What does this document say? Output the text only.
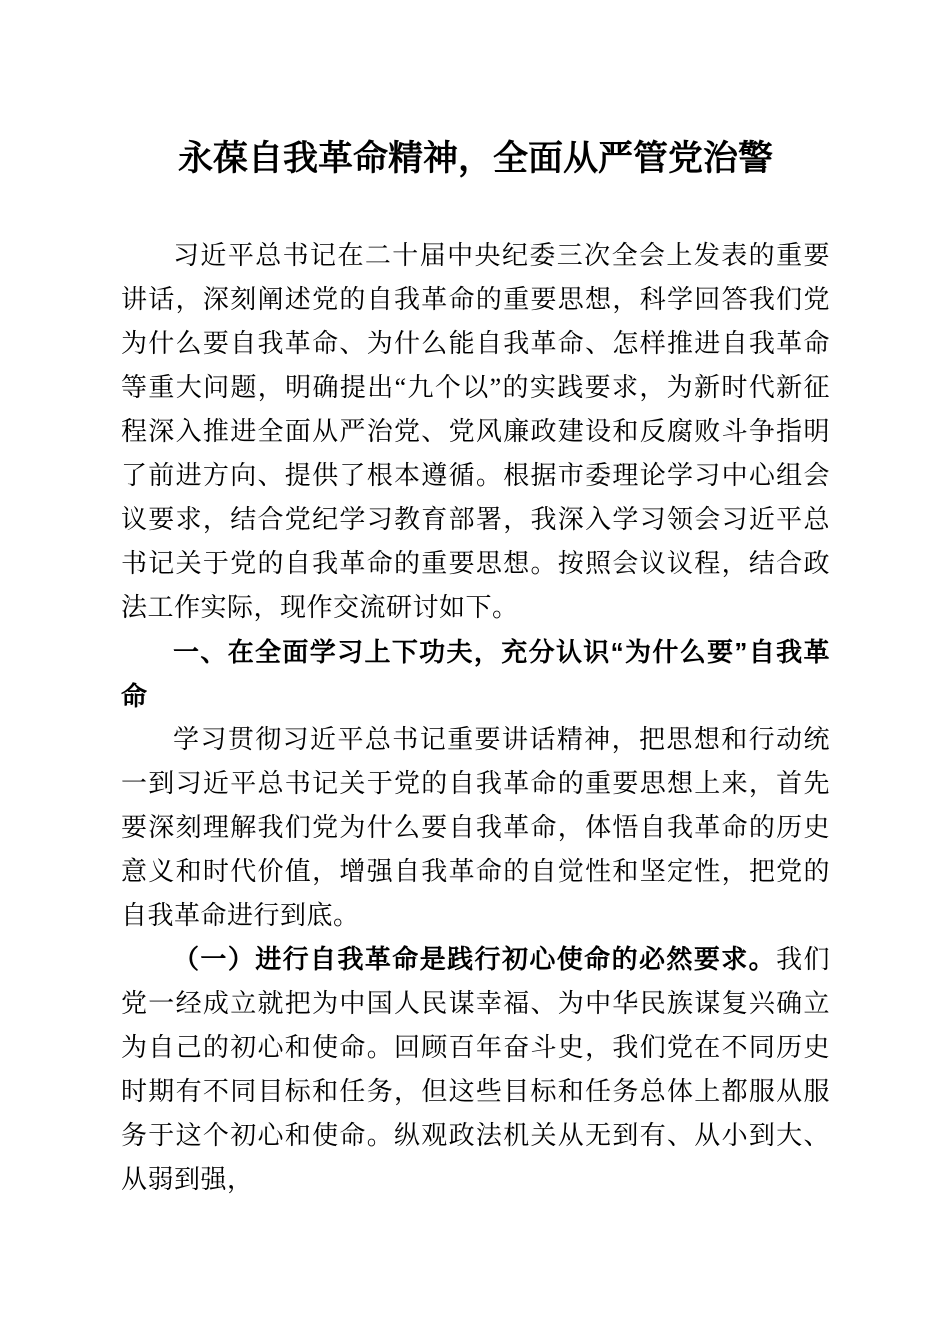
永葆自我革命精神，全面从严管党治警

习近平总书记在二十届中央纪委三次全会上发表的重要讲话，深刻阐述党的自我革命的重要思想，科学回答我们党为什么要自我革命、为什么能自我革命、怎样推进自我革命等重大问题，明确提出“九个以”的实践要求，为新时代新征程深入推进全面从严治党、党风廉政建设和反腐败斗争指明了前进方向、提供了根本遵循。根据市委理论学习中心组会议要求，结合党纪学习教育部署，我深入学习领会习近平总书记关于党的自我革命的重要思想。按照会议议程，结合政法工作实际，现作交流研讨如下。

一、在全面学习上下功夫，充分认识“为什么要”自我革命

学习贯彻习近平总书记重要讲话精神，把思想和行动统一到习近平总书记关于党的自我革命的重要思想上来，首先要深刻理解我们党为什么要自我革命，体悟自我革命的历史意义和时代价值，增强自我革命的自觉性和坚定性，把党的自我革命进行到底。

（一）进行自我革命是践行初心使命的必然要求。我们党一经成立就把为中国人民谋幸福、为中华民族谋复兴确立为自己的初心和使命。回顾百年奋斗史，我们党在不同历史时期有不同目标和任务，但这些目标和任务总体上都服从服务于这个初心和使命。纵观政法机关从无到有、从小到大、从弱到强，
